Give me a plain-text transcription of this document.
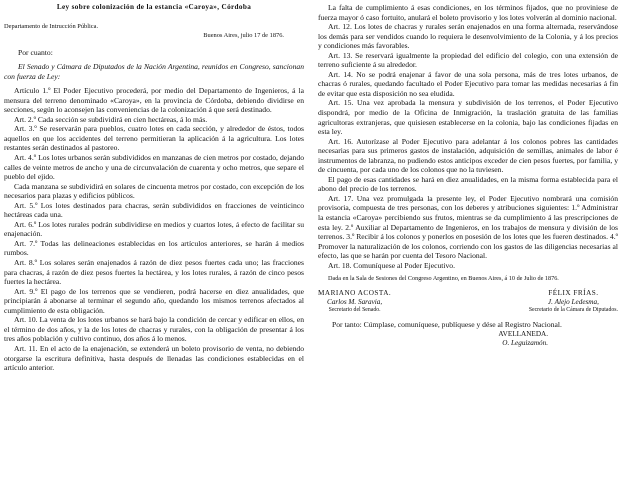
Ley sobre colonización de la estancia «Caroya», Córdoba

Departamento de Intrucción Pública.

Buenos Aires, julio 17 de 1876.

Por cuanto:

El Senado y Cámara de Diputados de la Nación Argentina, reunidos en Congreso, sancionan con fuerza de Ley:

Artículo 1.º El Poder Ejecutivo procederá, por medio del Departamento de Ingenieros, á la mensura del terreno denominado «Caroya», en la provincia de Córdoba, debiendo dividirse en secciones, según lo aconsejen las conveniencias de la colonización á que será destinado.

Art. 2.º Cada sección se subdividirá en cien hectáreas, á lo más.

Art. 3.º Se reservarán para pueblos, cuatro lotes en cada sección, y alrededor de éstos, todos aquellos en que los accidentes del terreno permitieran la aplicación á la agricultura. Los lotes restantes serán destinados al pastoreo.

Art. 4.º Los lotes urbanos serán subdivididos en manzanas de cien metros por costado, dejando calles de veinte metros de ancho y una de circunvalación de cuarenta y ocho metros, que separe el pueblo del ejido.

Cada manzana se subdividirá en solares de cincuenta metros por costado, con excepción de los necesarios para plazas y edificios públicos.

Art. 5.º Los lotes destinados para chacras, serán subdivididos en fracciones de veinticinco hectáreas cada una.

Art. 6.º Los lotes rurales podrán subdividirse en medios y cuartos lotes, á efecto de facilitar su enajenación.

Art. 7.º Todas las delineaciones establecidas en los artículos anteriores, se harán á medios rumbos.

Art. 8.º Los solares serán enajenados á razón de diez pesos fuertes cada uno; las fracciones para chacras, á razón de diez pesos fuertes la hectárea, y los lotes rurales, á razón de cinco pesos fuertes la hectárea.

Art. 9.º El pago de los terrenos que se vendieren, podrá hacerse en diez anualidades, que principiarán á abonarse al terminar el segundo año, quedando los mismos terrenos afectados al cumplimiento de esta obligación.

Art. 10. La venta de los lotes urbanos se hará bajo la condición de cercar y edificar en ellos, en el término de dos años, y la de los lotes de chacras y rurales, con la obligación de presentar á los tres años población y cultivo continuo, dos años á lo menos.

Art. 11. En el acto de la enajenación, se extenderá un boleto provisorio de venta, no debiendo otorgarse la escritura definitiva, hasta después de llenadas las condiciones establecidas en el artículo anterior.

La falta de cumplimiento á esas condiciones, en los términos fijados, que no proviniese de fuerza mayor ó caso fortuito, anulará el boleto provisorio y los lotes volverán al dominio nacional.

Art. 12. Los lotes de chacras y rurales serán enajenados en una forma alternada, reservándose los demás para ser vendidos cuando lo requiera le desenvolvimiento de la Colonia, y á los precios y condiciones más favorables.

Art. 13. Se reservará igualmente la propiedad del edificio del colegio, con una extensión de terreno suficiente á su alrededor.

Art. 14. No se podrá enajenar á favor de una sola persona, más de tres lotes urbanos, de chacras ó rurales, quedando facultado el Poder Ejecutivo para tomar las medidas necesarias á fin de evitar que esta disposición no sea eludida.

Art. 15. Una vez aprobada la mensura y subdivisión de los terrenos, el Poder Ejecutivo dispondrá, por medio de la Oficina de Inmigración, la traslación gratuita de las familias agricultoras extranjeras, que quisiesen establecerse en la colonia, bajo las condiciones fijadas en esta ley.

Art. 16. Autorízase al Poder Ejecutivo para adelantar á los colonos pobres las cantidades necesarias para sus primeros gastos de instalación, adquisición de semillas, animales de labor é instrumentos de labranza, no pudiendo estos anticipos exceder de cien pesos fuertes, por familia, y de cincuenta, por cada uno de los colonos que no la tuviesen.

El pago de esas cantidades se hará en diez anualidades, en la misma forma establecida para el abono del precio de los terrenos.

Art. 17. Una vez promulgada la presente ley, el Poder Ejecutivo nombrará una comisión provisoria, compuesta de tres personas, con los deberes y atribuciones siguientes: 1.º Administrar la estancia «Caroya» percibiendo sus frutos, mientras se da cumplimiento á las prescripciones de esta ley. 2.º Auxiliar al Departamento de Ingenieros, en los trabajos de mensura y división de los terrenos. 3.º Recibir á los colonos y ponerlos en posesión de los lotes que les fueren destinados. 4.º Promover la naturalización de los colonos, corriendo con los gastos de las diligencias necesarias al efecto, las que se harán por cuenta del Tesoro Nacional.

Art. 18. Comuníquese al Poder Ejecutivo.

Dada en la Sala de Sesiones del Congreso Argentino, en Buenos Aires, á 10 de Julio de 1876.

MARIANO ACOSTA.
Carlos M. Saravia,
Secretario del Senado.
FÉLIX FRÍAS.
J. Alejo Ledesma,
Secretario de la Cámara de Diputados.

Por tanto: Cúmplase, comuníquese, publíquese y dése al Registro Nacional.

AVELLANEDA.
O. Leguizamón.
